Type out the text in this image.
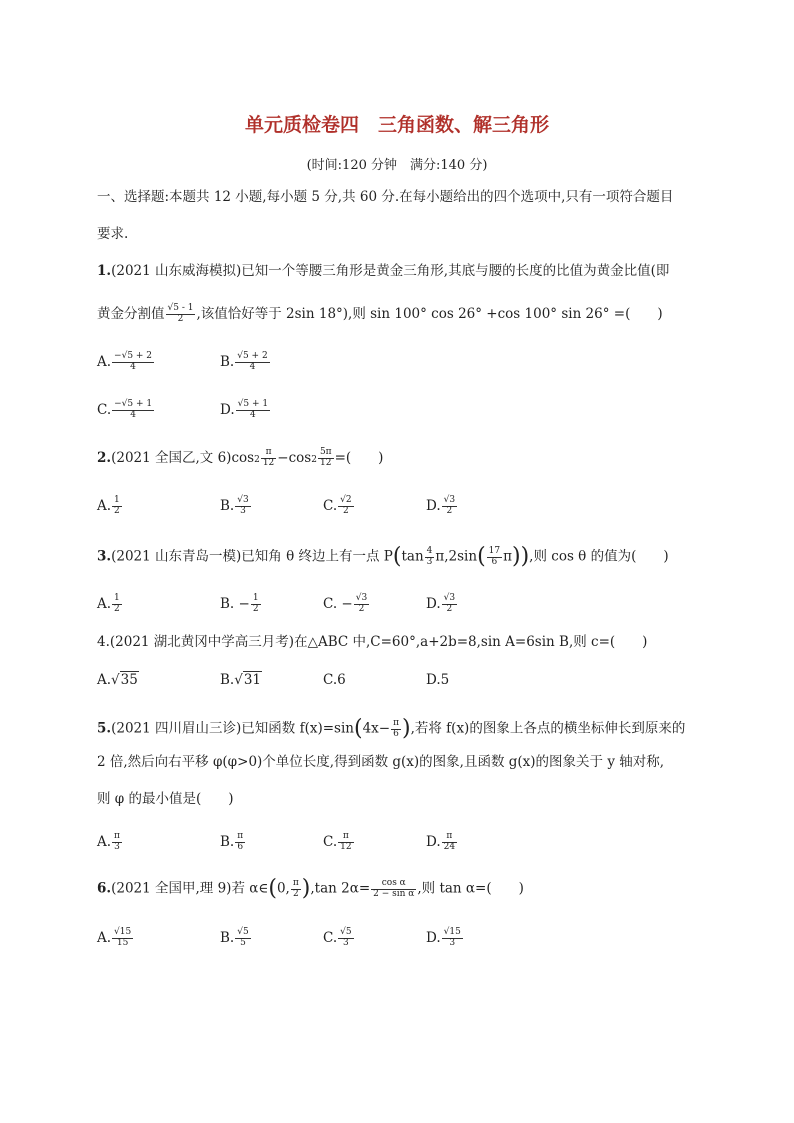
单元质检卷四　三角函数、解三角形
(时间:120 分钟　满分:140 分)
一、选择题:本题共 12 小题,每小题 5 分,共 60 分.在每小题给出的四个选项中,只有一项符合题目
要求.
1.(2021 山东威海模拟)已知一个等腰三角形是黄金三角形,其底与腰的长度的比值为黄金比值(即
黄金分割值 $\frac{√5 - 1}{2}$ ,该值恰好等于 2sin 18°),则 sin 100° cos 26° +cos 100° sin 26° =(　　)
A. $\frac{-√5 + 2}{4}$	B. $\frac{√5 + 2}{4}$
C. $\frac{-√5 + 1}{4}$	D. $\frac{√5 + 1}{4}$
2.(2021 全国乙,文 $6)\cos 2 \frac{\pi}{12} -\cos 2 \frac{5\pi}{12}$ =(　　)
A. $\frac{1}{2}$	B. $\frac{√3}{3}$	C. $\frac{√2}{2}$	D. $\frac{√3}{2}$
3.(2021 山东青岛一模)已知角 θ 终边上有一点 $P(\tan \frac{4}{3} \pi,2\sin( \frac{17}{6} \pi))$,则 cos θ 的值为(　　)
A. $\frac{1}{2}$	B. − $\frac{1}{2}$	C. − $\frac{√3}{2}$	D. $\frac{√3}{2}$
4.(2021 湖北黄冈中学高三月考)在△ABC 中,C=60°,a+2b=8,sin A=6sin B,则 c=(　　)
A.√35	B.√31	C.6	D.5
5.(2021 四川眉山三诊)已知函数 $f(x)=\sin(4x- \frac{\pi}{6}$ ),若将 f(x)的图象上各点的横坐标伸长到原来的
2 倍,然后向右平移 φ(φ>0)个单位长度,得到函数 g(x)的图象,且函数 g(x)的图象关于 y 轴对称,
则 φ 的最小值是(　　)
A. $\frac{\pi}{3}$	B. $\frac{\pi}{6}$	C. $\frac{\pi}{12}$	D. $\frac{\pi}{24}$
6.(2021 全国甲,理 9)若 α∈(0, $\frac{\pi}{2} ),\tan$ $2\alpha= \frac{\text{cos α}}{\text{2 − sin α}}$ ,则 tan α=(　　)
A. $\frac{√15}{15}$	B. $\frac{√5}{5}$	C. $\frac{√5}{3}$	D. $\frac{√15}{3}$
